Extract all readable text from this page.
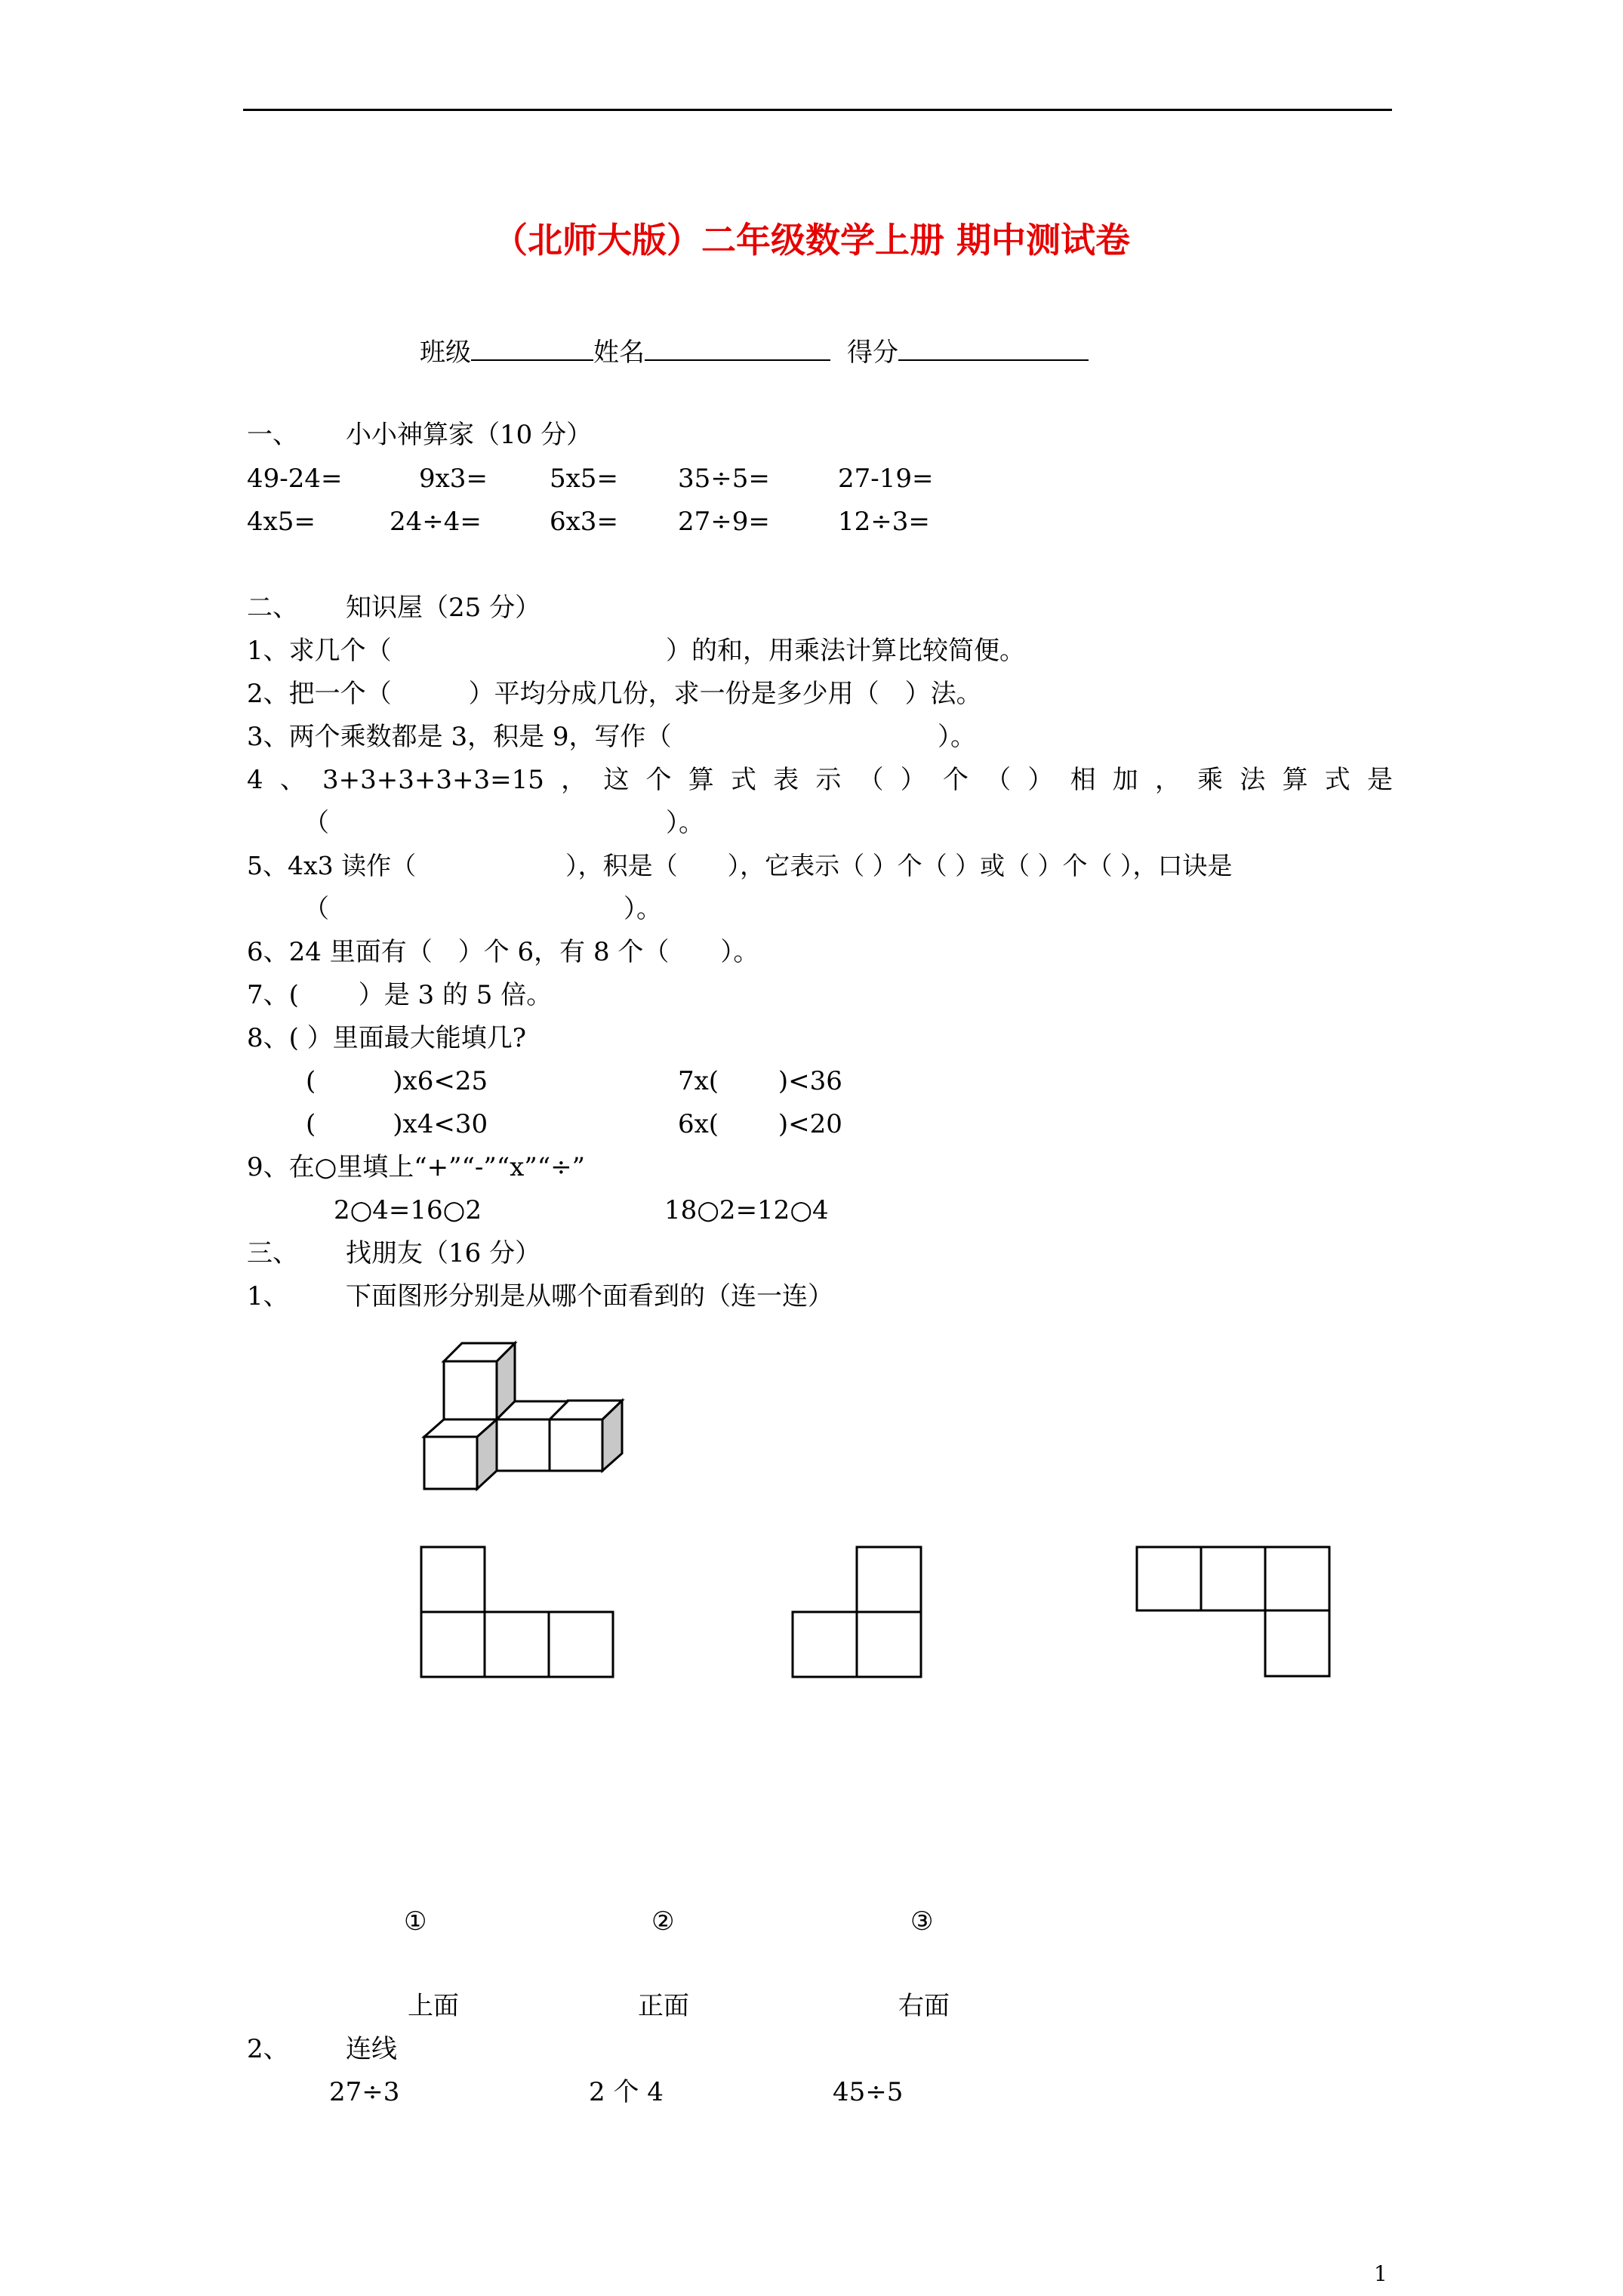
（北师大版）二年级数学上册 期中测试卷
班级	姓名	得分
一、 小小神算家（10 分）
49-24=	9x3= 5x5= 35÷5=	27-19=
4x5=	24÷4=	6x3= 27÷9=	12÷3=
二、 知识屋（25 分）
1、求几个（	）的和，用乘法计算比较简便。
2、把一个（　　　）平均分成几份，求一份是多少用（　）法。
3、两个乘数都是 3，积是 9，写作（	）。
4 、 3+3+3+3+3=15 ， 这 个 算 式 表 示 （ ） 个 （ ） 相 加 ， 乘 法 算 式 是
（	）。
5、4x3 读作（　　　　　　），积是（　　），它表示（ ）个（ ）或（ ）个（ ），口诀是
（	）。
6、24 里面有（　）个 6，有 8 个（　　）。
7、(　　 ）是 3 的 5 倍。
8、( ）里面最大能填几?
(　　　)x6<25	7x(　　 )<36
(　　　)x4<30	6x(　　 )<20
9、在○里填上“+”“-”“x”“÷”
2○4=16○2	18○2=12○4
三、 找朋友（16 分）
1、 下面图形分别是从哪个面看到的（连一连）
①	②	③
上面	正面	右面
2、 连线
27÷3	2 个 4	45÷5
1
